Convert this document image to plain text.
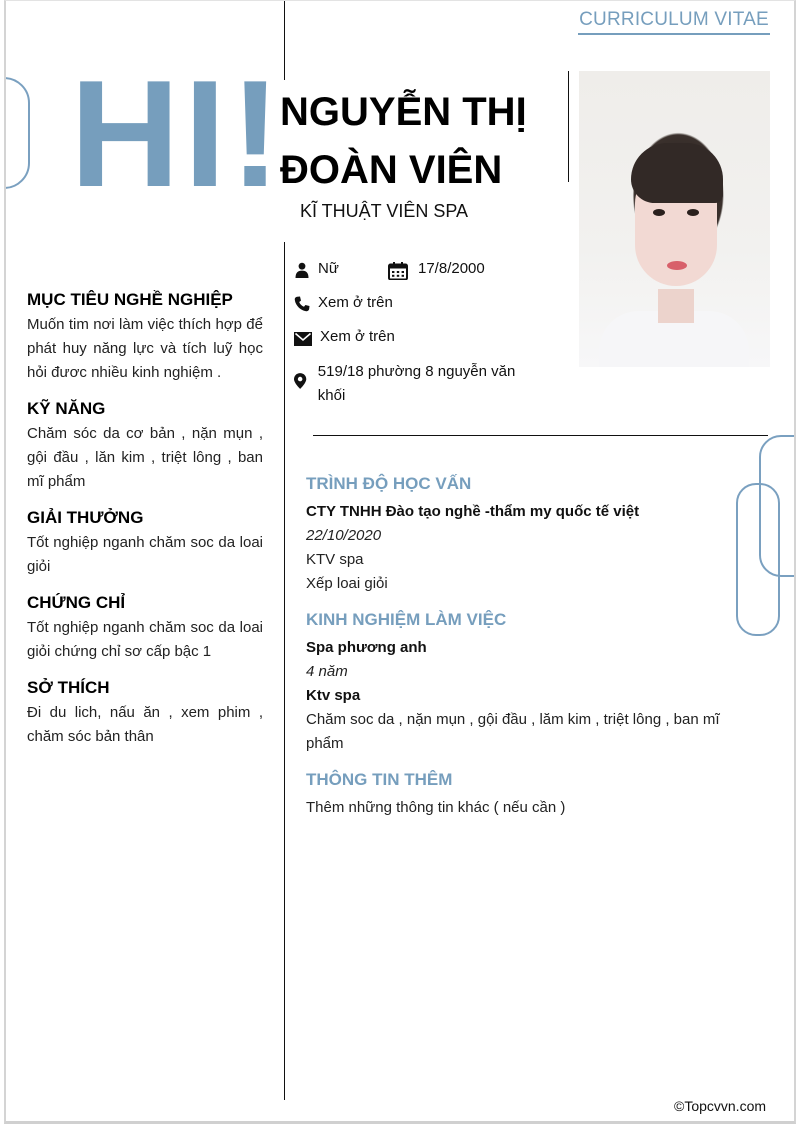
CURRICULUM VITAE
HI!
NGUYỄN THỊ ĐOÀN VIÊN
KĨ THUẬT VIÊN SPA
Nữ	17/8/2000
Xem ở trên
Xem ở trên
519/18 phường 8 nguyễn văn khối
MỤC TIÊU NGHỀ NGHIỆP
Muốn tim nơi làm việc thích hợp để phát huy năng lực và tích luỹ học hỏi đươc nhiều kinh nghiệm .
KỸ NĂNG
Chăm sóc da cơ bản , nặn mụn , gội đầu , lăn kim , triệt lông , ban mĩ phẩm
GIẢI THƯỞNG
Tốt nghiệp nganh chăm soc da loai giỏi
CHỨNG CHỈ
Tốt nghiệp nganh chăm soc da loai giỏi chứng chỉ sơ cấp bậc 1
SỞ THÍCH
Đi du lich, nấu ăn , xem phim , chăm sóc bản thân
TRÌNH ĐỘ HỌC VẤN
CTY TNHH Đào tạo nghề -thẩm my quốc tế việt
22/10/2020
KTV spa
Xếp loai giỏi
KINH NGHIỆM LÀM VIỆC
Spa phương anh
4 năm
Ktv spa
Chăm soc da , nặn mụn , gội đầu , lăm kim , triệt lông , ban mĩ phẩm
THÔNG TIN THÊM
Thêm những thông tin khác ( nếu cần )
©Topcvvn.com
